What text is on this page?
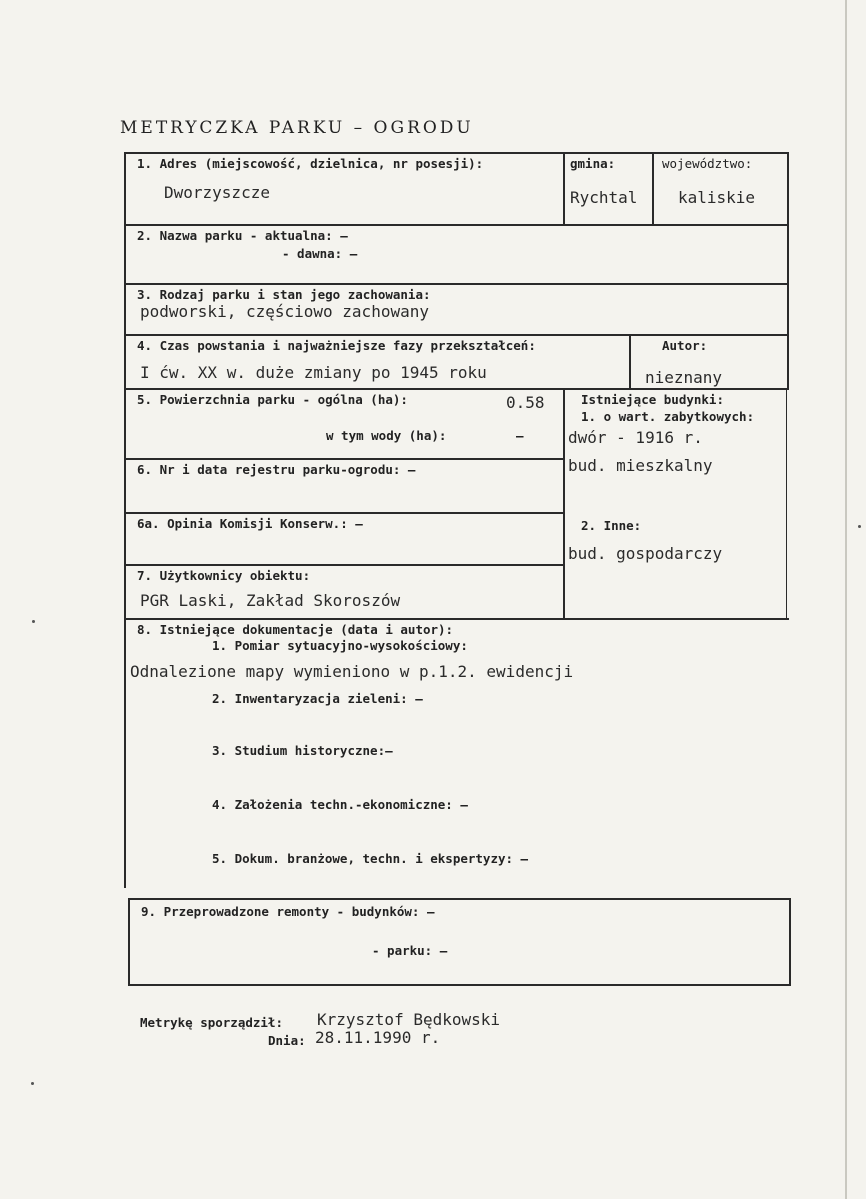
METRYCZKA PARKU – OGRODU
1. Adres (miejscowość, dzielnica, nr posesji):
Dworzyszcze
gmina:
Rychtal
województwo:
kaliskie
2. Nazwa parku - aktualna: –
- dawna: –
3. Rodzaj parku i stan jego zachowania:
podworski, częściowo zachowany
4. Czas powstania i najważniejsze fazy przekształceń:
I ćw. XX w. duże zmiany po 1945 roku
Autor:
nieznany
5. Powierzchnia parku - ogólna (ha):	0.58
w tym wody (ha):	–
6. Nr i data rejestru parku-ogrodu: –
6a. Opinia Komisji Konserw.: –
7. Użytkownicy obiektu:
PGR Laski, Zakład Skoroszów
Istniejące budynki:
1. o wart. zabytkowych:
dwór - 1916 r.
bud. mieszkalny
2. Inne:
bud. gospodarczy
8. Istniejące dokumentacje (data i autor):
1. Pomiar sytuacyjno-wysokościowy:
Odnalezione mapy wymieniono w p.1.2. ewidencji
2. Inwentaryzacja zieleni: –
3. Studium historyczne:–
4. Założenia techn.-ekonomiczne: –
5. Dokum. branżowe, techn. i ekspertyzy: –
9. Przeprowadzone remonty - budynków: –
- parku: –
Metrykę sporządził: Krzysztof Będkowski
Dnia: 28.11.1990 r.
